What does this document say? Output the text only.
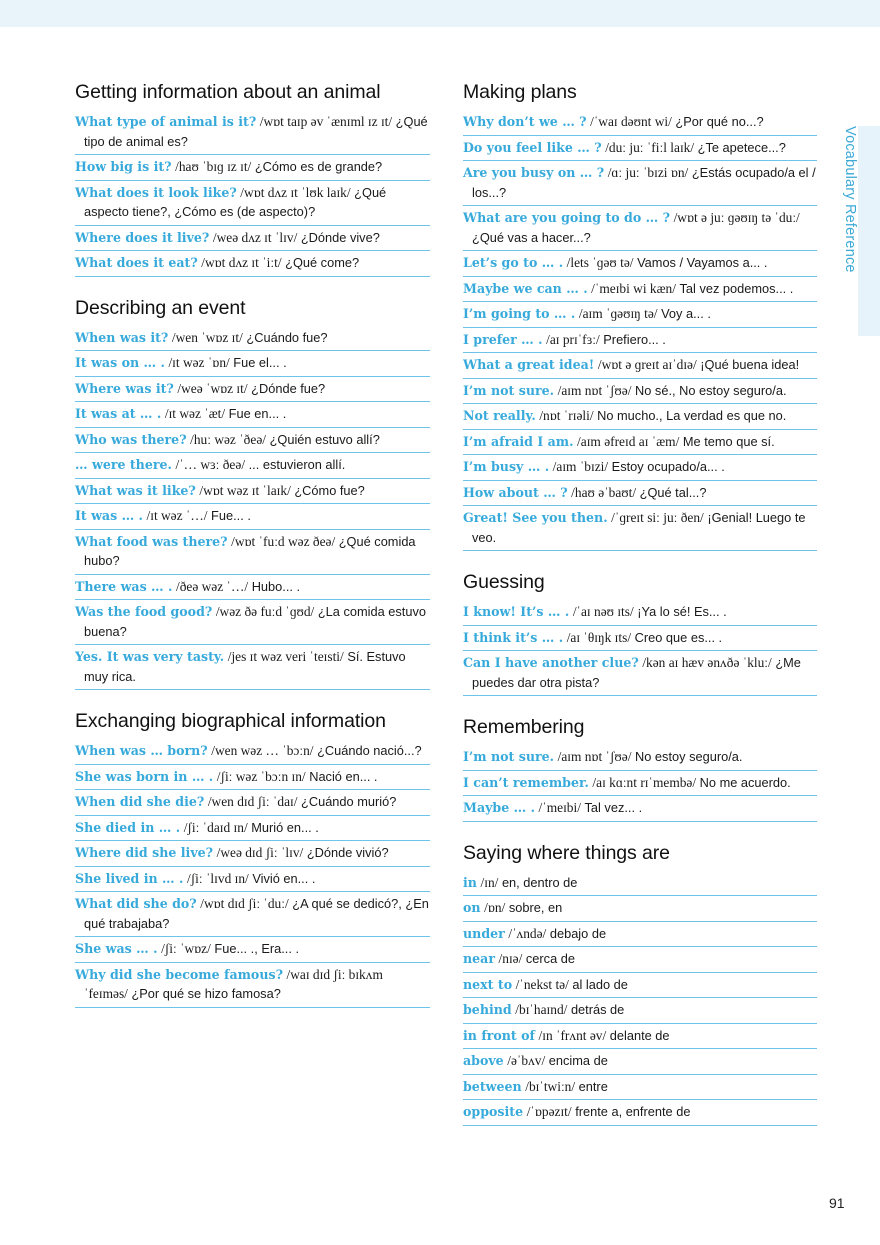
Vocabulary Reference
Getting information about an animal
What type of animal is it? /wɒt taɪp əv ˈænɪml ɪz ɪt/ ¿Qué tipo de animal es?
How big is it? /haʊ ˈbɪɡ ɪz ɪt/ ¿Cómo es de grande?
What does it look like? /wɒt dʌz ɪt ˈlʊk laɪk/ ¿Qué aspecto tiene?, ¿Cómo es (de aspecto)?
Where does it live? /weə dʌz ɪt ˈlɪv/ ¿Dónde vive?
What does it eat? /wɒt dʌz ɪt ˈiːt/ ¿Qué come?
Describing an event
When was it? /wen ˈwɒz ɪt/ ¿Cuándo fue?
It was on … . /ɪt wəz ˈɒn/ Fue el... .
Where was it? /weə ˈwɒz ɪt/ ¿Dónde fue?
It was at … . /ɪt wəz ˈæt/ Fue en... .
Who was there? /huː wəz ˈðeə/ ¿Quién estuvo allí?
… were there. /ˈ… wɜː ðeə/ ... estuvieron allí.
What was it like? /wɒt wəz ɪt ˈlaɪk/ ¿Cómo fue?
It was … . /ɪt wəz ˈ…/ Fue... .
What food was there? /wɒt ˈfuːd wəz ðeə/ ¿Qué comida hubo?
There was … . /ðeə wəz ˈ…/ Hubo... .
Was the food good? /wəz ðə fuːd ˈɡʊd/ ¿La comida estuvo buena?
Yes. It was very tasty. /jes ɪt wəz veri ˈteɪsti/ Sí. Estuvo muy rica.
Exchanging biographical information
When was … born? /wen wəz … ˈbɔːn/ ¿Cuándo nació...?
She was born in … . /ʃiː wəz ˈbɔːn ɪn/ Nació en... .
When did she die? /wen dɪd ʃiː ˈdaɪ/ ¿Cuándo murió?
She died in … . /ʃiː ˈdaɪd ɪn/ Murió en... .
Where did she live? /weə dɪd ʃiː ˈlɪv/ ¿Dónde vivió?
She lived in … . /ʃiː ˈlɪvd ɪn/ Vivió en... .
What did she do? /wɒt dɪd ʃiː ˈduː/ ¿A qué se dedicó?, ¿En qué trabajaba?
She was … . /ʃiː ˈwɒz/ Fue... ., Era... .
Why did she become famous? /waɪ dɪd ʃiː bɪkʌm ˈfeɪməs/ ¿Por qué se hizo famosa?
Making plans
Why don’t we … ? /ˈwaɪ dəʊnt wi/ ¿Por qué no...?
Do you feel like … ? /duː juː ˈfiːl laɪk/ ¿Te apetece...?
Are you busy on … ? /ɑː juː ˈbɪzi ɒn/ ¿Estás ocupado/a el / los...?
What are you going to do … ? /wɒt ə juː ɡəʊɪŋ tə ˈduː/ ¿Qué vas a hacer...?
Let’s go to … . /lets ˈɡəʊ tə/ Vamos / Vayamos a... .
Maybe we can … . /ˈmeɪbi wi kæn/ Tal vez podemos... .
I’m going to … . /aɪm ˈɡəʊɪŋ tə/ Voy a... .
I prefer … . /aɪ prɪˈfɜː/ Prefiero... .
What a great idea! /wɒt ə ɡreɪt aɪˈdɪə/ ¡Qué buena idea!
I’m not sure. /aɪm nɒt ˈʃʊə/ No sé., No estoy seguro/a.
Not really. /nɒt ˈrɪəli/ No mucho., La verdad es que no.
I’m afraid I am. /aɪm əfreɪd aɪ ˈæm/ Me temo que sí.
I’m busy … . /aɪm ˈbɪzi/ Estoy ocupado/a... .
How about … ? /haʊ əˈbaʊt/ ¿Qué tal...?
Great! See you then. /ˈɡreɪt siː juː ðen/ ¡Genial! Luego te veo.
Guessing
I know! It’s … . /ˈaɪ nəʊ ɪts/ ¡Ya lo sé! Es... .
I think it’s … . /aɪ ˈθɪŋk ɪts/ Creo que es... .
Can I have another clue? /kən aɪ hæv ənʌðə ˈkluː/ ¿Me puedes dar otra pista?
Remembering
I’m not sure. /aɪm nɒt ˈʃʊə/ No estoy seguro/a.
I can’t remember. /aɪ kɑːnt rɪˈmembə/ No me acuerdo.
Maybe … . /ˈmeɪbi/ Tal vez... .
Saying where things are
in /ɪn/ en, dentro de
on /ɒn/ sobre, en
under /ˈʌndə/ debajo de
near /nɪə/ cerca de
next to /ˈnekst tə/ al lado de
behind /bɪˈhaɪnd/ detrás de
in front of /ɪn ˈfrʌnt əv/ delante de
above /əˈbʌv/ encima de
between /bɪˈtwiːn/ entre
opposite /ˈɒpəzɪt/ frente a, enfrente de
91
